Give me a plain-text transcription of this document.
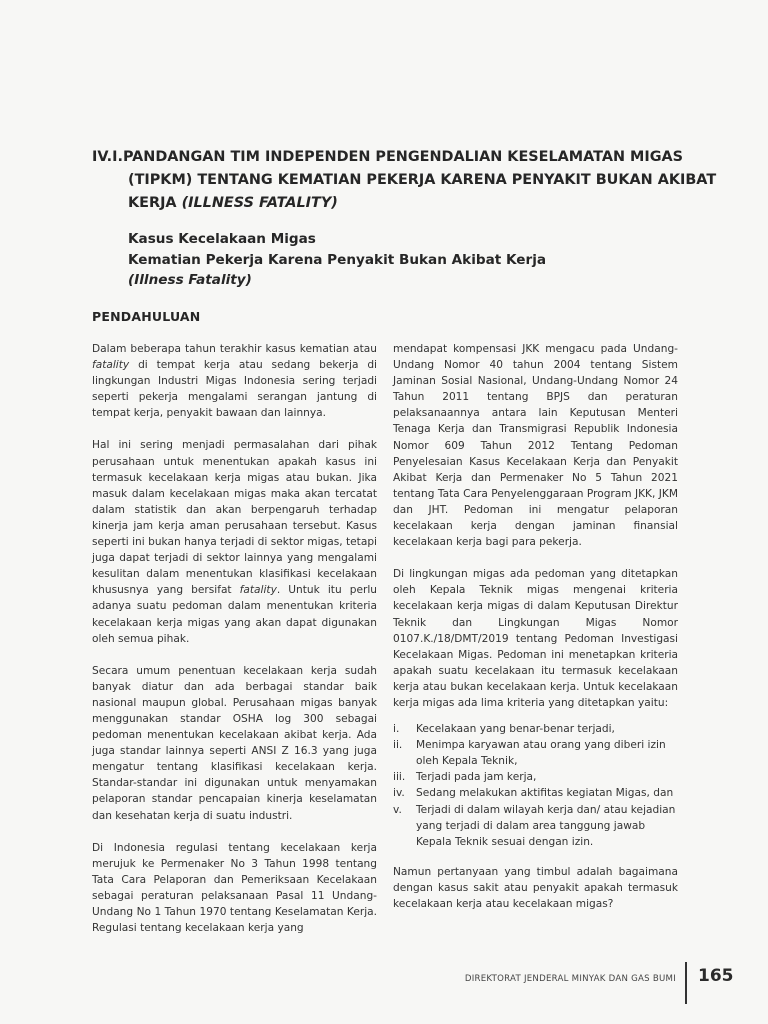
IV.I. PANDANGAN TIM INDEPENDEN PENGENDALIAN KESELAMATAN MIGAS
(TIPKM) TENTANG KEMATIAN PEKERJA KARENA PENYAKIT BUKAN AKIBAT
KERJA (ILLNESS FATALITY)
Kasus Kecelakaan Migas
Kematian Pekerja Karena Penyakit Bukan Akibat Kerja
(Illness Fatality)
PENDAHULUAN

Dalam beberapa tahun terakhir kasus kematian atau fatality di tempat kerja atau sedang bekerja di lingkungan Industri Migas Indonesia sering terjadi seperti pekerja mengalami serangan jantung di tempat kerja, penyakit bawaan dan lainnya.

Hal ini sering menjadi permasalahan dari pihak perusahaan untuk menentukan apakah kasus ini termasuk kecelakaan kerja migas atau bukan. Jika masuk dalam kecelakaan migas maka akan tercatat dalam statistik dan akan berpengaruh terhadap kinerja jam kerja aman perusahaan tersebut. Kasus seperti ini bukan hanya terjadi di sektor migas, tetapi juga dapat terjadi di sektor lainnya yang mengalami kesulitan dalam menentukan klasifikasi kecelakaan khususnya yang bersifat fatality. Untuk itu perlu adanya suatu pedoman dalam menentukan kriteria kecelakaan kerja migas yang akan dapat digunakan oleh semua pihak.

Secara umum penentuan kecelakaan kerja sudah banyak diatur dan ada berbagai standar baik nasional maupun global. Perusahaan migas banyak menggunakan standar OSHA log 300 sebagai pedoman menentukan kecelakaan akibat kerja. Ada juga standar lainnya seperti ANSI Z 16.3 yang juga mengatur tentang klasifikasi kecelakaan kerja. Standar-standar ini digunakan untuk menyamakan pelaporan standar pencapaian kinerja keselamatan dan kesehatan kerja di suatu industri.

Di Indonesia regulasi tentang kecelakaan kerja merujuk ke Permenaker No 3 Tahun 1998 tentang Tata Cara Pelaporan dan Pemeriksaan Kecelakaan sebagai peraturan pelaksanaan Pasal 11 Undang-Undang No 1 Tahun 1970 tentang Keselamatan Kerja. Regulasi tentang kecelakaan kerja yang

mendapat kompensasi JKK mengacu pada Undang-Undang Nomor 40 tahun 2004 tentang Sistem Jaminan Sosial Nasional, Undang-Undang Nomor 24 Tahun 2011 tentang BPJS dan peraturan pelaksanaannya antara lain Keputusan Menteri Tenaga Kerja dan Transmigrasi Republik Indonesia Nomor 609 Tahun 2012 Tentang Pedoman Penyelesaian Kasus Kecelakaan Kerja dan Penyakit Akibat Kerja dan Permenaker No 5 Tahun 2021 tentang Tata Cara Penyelenggaraan Program JKK, JKM dan JHT. Pedoman ini mengatur pelaporan kecelakaan kerja dengan jaminan finansial kecelakaan kerja bagi para pekerja.

Di lingkungan migas ada pedoman yang ditetapkan oleh Kepala Teknik migas mengenai kriteria kecelakaan kerja migas di dalam Keputusan Direktur Teknik dan Lingkungan Migas Nomor 0107.K./18/DMT/2019 tentang Pedoman Investigasi Kecelakaan Migas. Pedoman ini menetapkan kriteria apakah suatu kecelakaan itu termasuk kecelakaan kerja atau bukan kecelakaan kerja. Untuk kecelakaan kerja migas ada lima kriteria yang ditetapkan yaitu:

i.	Kecelakaan yang benar-benar terjadi,
ii.	Menimpa karyawan atau orang yang diberi izin oleh Kepala Teknik,
iii.	Terjadi pada jam kerja,
iv.	Sedang melakukan aktifitas kegiatan Migas, dan
v.	Terjadi di dalam wilayah kerja dan/ atau kejadian yang terjadi di dalam area tanggung jawab Kepala Teknik sesuai dengan izin.

Namun pertanyaan yang timbul adalah bagaimana dengan kasus sakit atau penyakit apakah termasuk kecelakaan kerja atau kecelakaan migas?

DIREKTORAT JENDERAL MINYAK DAN GAS BUMI 165
